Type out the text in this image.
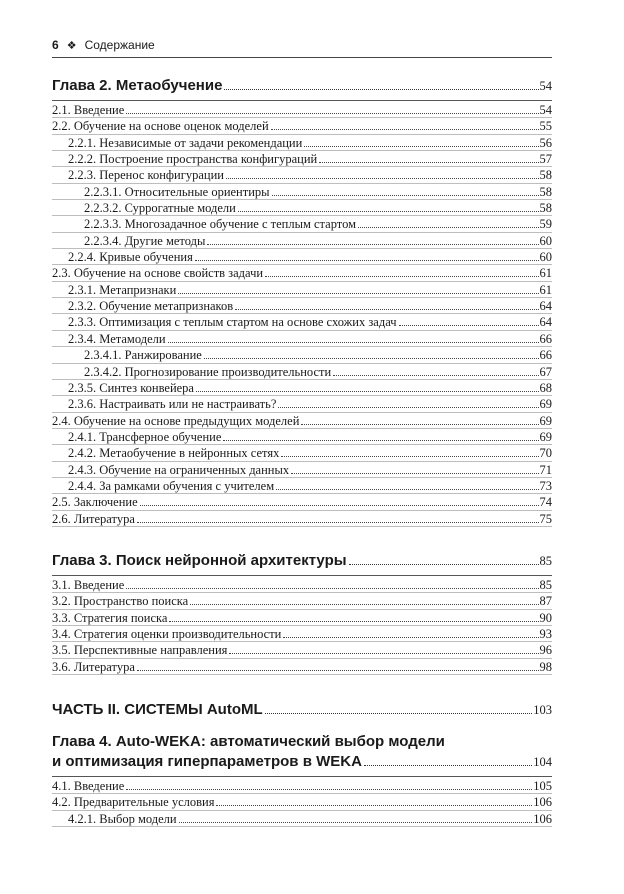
6 ❖ Содержание
Глава 2. Метаобучение	54
2.1. Введение	54
2.2. Обучение на основе оценок моделей	55
2.2.1. Независимые от задачи рекомендации	56
2.2.2. Построение пространства конфигураций	57
2.2.3. Перенос конфигурации	58
2.2.3.1. Относительные ориентиры	58
2.2.3.2. Суррогатные модели	58
2.2.3.3. Многозадачное обучение с теплым стартом	59
2.2.3.4. Другие методы	60
2.2.4. Кривые обучения	60
2.3. Обучение на основе свойств задачи	61
2.3.1. Метапризнаки	61
2.3.2. Обучение метапризнаков	64
2.3.3. Оптимизация с теплым стартом на основе схожих задач	64
2.3.4. Метамодели	66
2.3.4.1. Ранжирование	66
2.3.4.2. Прогнозирование производительности	67
2.3.5. Синтез конвейера	68
2.3.6. Настраивать или не настраивать?	69
2.4. Обучение на основе предыдущих моделей	69
2.4.1. Трансферное обучение	69
2.4.2. Метаобучение в нейронных сетях	70
2.4.3. Обучение на ограниченных данных	71
2.4.4. За рамками обучения с учителем	73
2.5. Заключение	74
2.6. Литература	75
Глава 3. Поиск нейронной архитектуры	85
3.1. Введение	85
3.2. Пространство поиска	87
3.3. Стратегия поиска	90
3.4. Стратегия оценки производительности	93
3.5. Перспективные направления	96
3.6. Литература	98
ЧАСТЬ II. СИСТЕМЫ AutoML	103
Глава 4. Auto-WEKA: автоматический выбор модели
и оптимизация гиперпараметров в WEKA	104
4.1. Введение	105
4.2. Предварительные условия	106
4.2.1. Выбор модели	106
